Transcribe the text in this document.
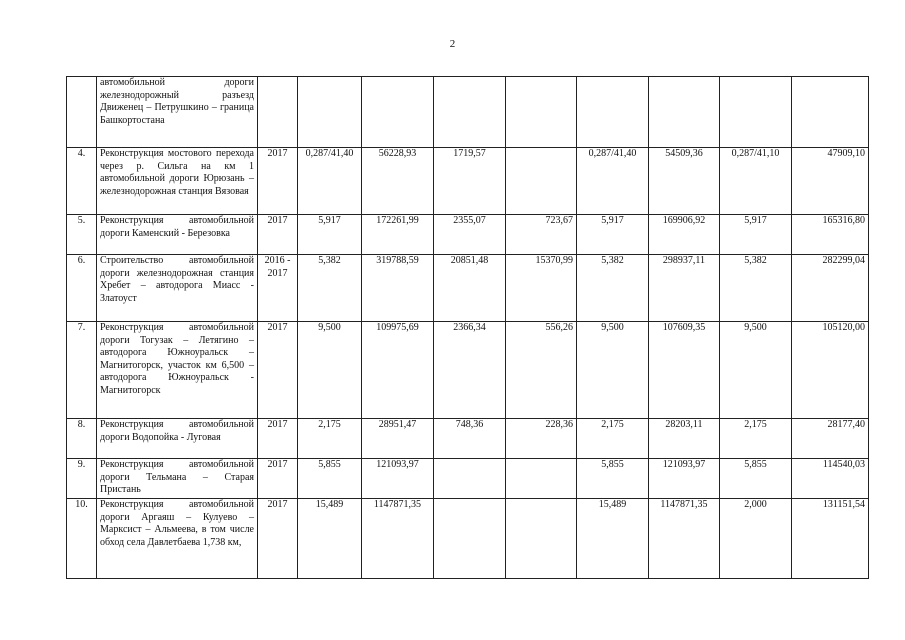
2
	автомобильной дороги железнодорожный разъезд Движенец – Петрушкино – граница Башкортостана									
4.	Реконструкция мостового перехода через р. Сильга на км 1 автомобильной дороги Юрюзань – железнодорожная станция Вязовая	2017	0,287/41,40	56228,93	1719,57		0,287/41,40	54509,36	0,287/41,10	47909,10
5.	Реконструкция автомобильной дороги Каменский - Березовка	2017	5,917	172261,99	2355,07	723,67	5,917	169906,92	5,917	165316,80
6.	Строительство автомобильной дороги железнодорожная станция Хребет – автодорога Миасс - Златоуст	2016 - 2017	5,382	319788,59	20851,48	15370,99	5,382	298937,11	5,382	282299,04
7.	Реконструкция автомобильной дороги Тогузак – Летягино – автодорога Южноуральск – Магнитогорск, участок км 6,500 – автодорога Южноуральск - Магнитогорск	2017	9,500	109975,69	2366,34	556,26	9,500	107609,35	9,500	105120,00
8.	Реконструкция автомобильной дороги Водопойка - Луговая	2017	2,175	28951,47	748,36	228,36	2,175	28203,11	2,175	28177,40
9.	Реконструкция автомобильной дороги Тельмана – Старая Пристань	2017	5,855	121093,97			5,855	121093,97	5,855	114540,03
10.	Реконструкция автомобильной дороги Аргаяш – Кулуево – Марксист – Альмеева, в том числе обход села Давлетбаева 1,738 км,	2017	15,489	1147871,35			15,489	1147871,35	2,000	131151,54
